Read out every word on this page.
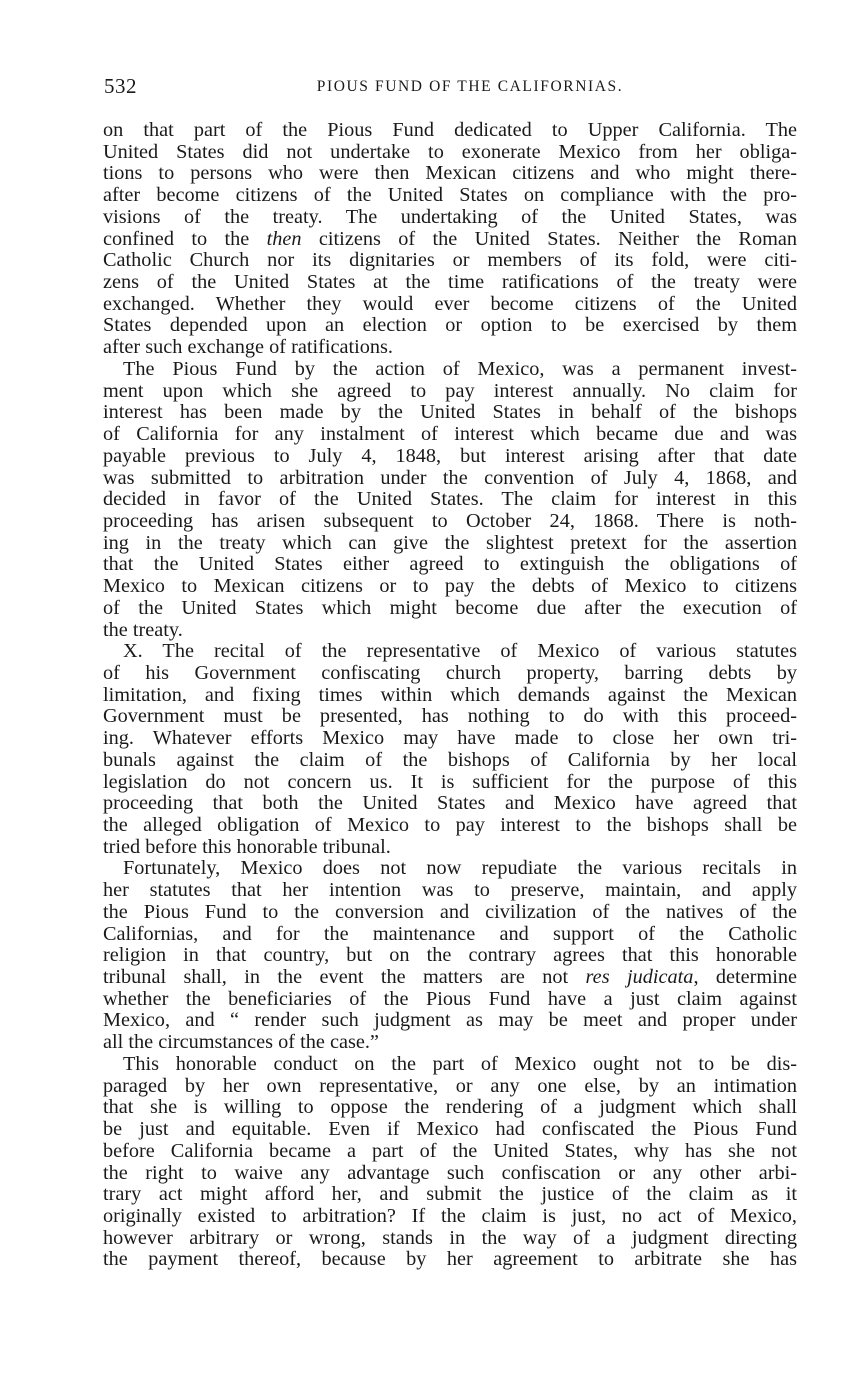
532	PIOUS FUND OF THE CALIFORNIAS.
on that part of the Pious Fund dedicated to Upper California. The
United States did not undertake to exonerate Mexico from her obliga-
tions to persons who were then Mexican citizens and who might there-
after become citizens of the United States on compliance with the pro-
visions of the treaty. The undertaking of the United States, was
confined to the then citizens of the United States. Neither the Roman
Catholic Church nor its dignitaries or members of its fold, were citi-
zens of the United States at the time ratifications of the treaty were
exchanged. Whether they would ever become citizens of the United
States depended upon an election or option to be exercised by them
after such exchange of ratifications.
The Pious Fund by the action of Mexico, was a permanent invest-
ment upon which she agreed to pay interest annually. No claim for
interest has been made by the United States in behalf of the bishops
of California for any instalment of interest which became due and was
payable previous to July 4, 1848, but interest arising after that date
was submitted to arbitration under the convention of July 4, 1868, and
decided in favor of the United States. The claim for interest in this
proceeding has arisen subsequent to October 24, 1868. There is noth-
ing in the treaty which can give the slightest pretext for the assertion
that the United States either agreed to extinguish the obligations of
Mexico to Mexican citizens or to pay the debts of Mexico to citizens
of the United States which might become due after the execution of
the treaty.
X. The recital of the representative of Mexico of various statutes
of his Government confiscating church property, barring debts by
limitation, and fixing times within which demands against the Mexican
Government must be presented, has nothing to do with this proceed-
ing. Whatever efforts Mexico may have made to close her own tri-
bunals against the claim of the bishops of California by her local
legislation do not concern us. It is sufficient for the purpose of this
proceeding that both the United States and Mexico have agreed that
the alleged obligation of Mexico to pay interest to the bishops shall be
tried before this honorable tribunal.
Fortunately, Mexico does not now repudiate the various recitals in
her statutes that her intention was to preserve, maintain, and apply
the Pious Fund to the conversion and civilization of the natives of the
Californias, and for the maintenance and support of the Catholic
religion in that country, but on the contrary agrees that this honorable
tribunal shall, in the event the matters are not res judicata, determine
whether the beneficiaries of the Pious Fund have a just claim against
Mexico, and “ render such judgment as may be meet and proper under
all the circumstances of the case.”
This honorable conduct on the part of Mexico ought not to be dis-
paraged by her own representative, or any one else, by an intimation
that she is willing to oppose the rendering of a judgment which shall
be just and equitable. Even if Mexico had confiscated the Pious Fund
before California became a part of the United States, why has she not
the right to waive any advantage such confiscation or any other arbi-
trary act might afford her, and submit the justice of the claim as it
originally existed to arbitration? If the claim is just, no act of Mexico,
however arbitrary or wrong, stands in the way of a judgment directing
the payment thereof, because by her agreement to arbitrate she has
